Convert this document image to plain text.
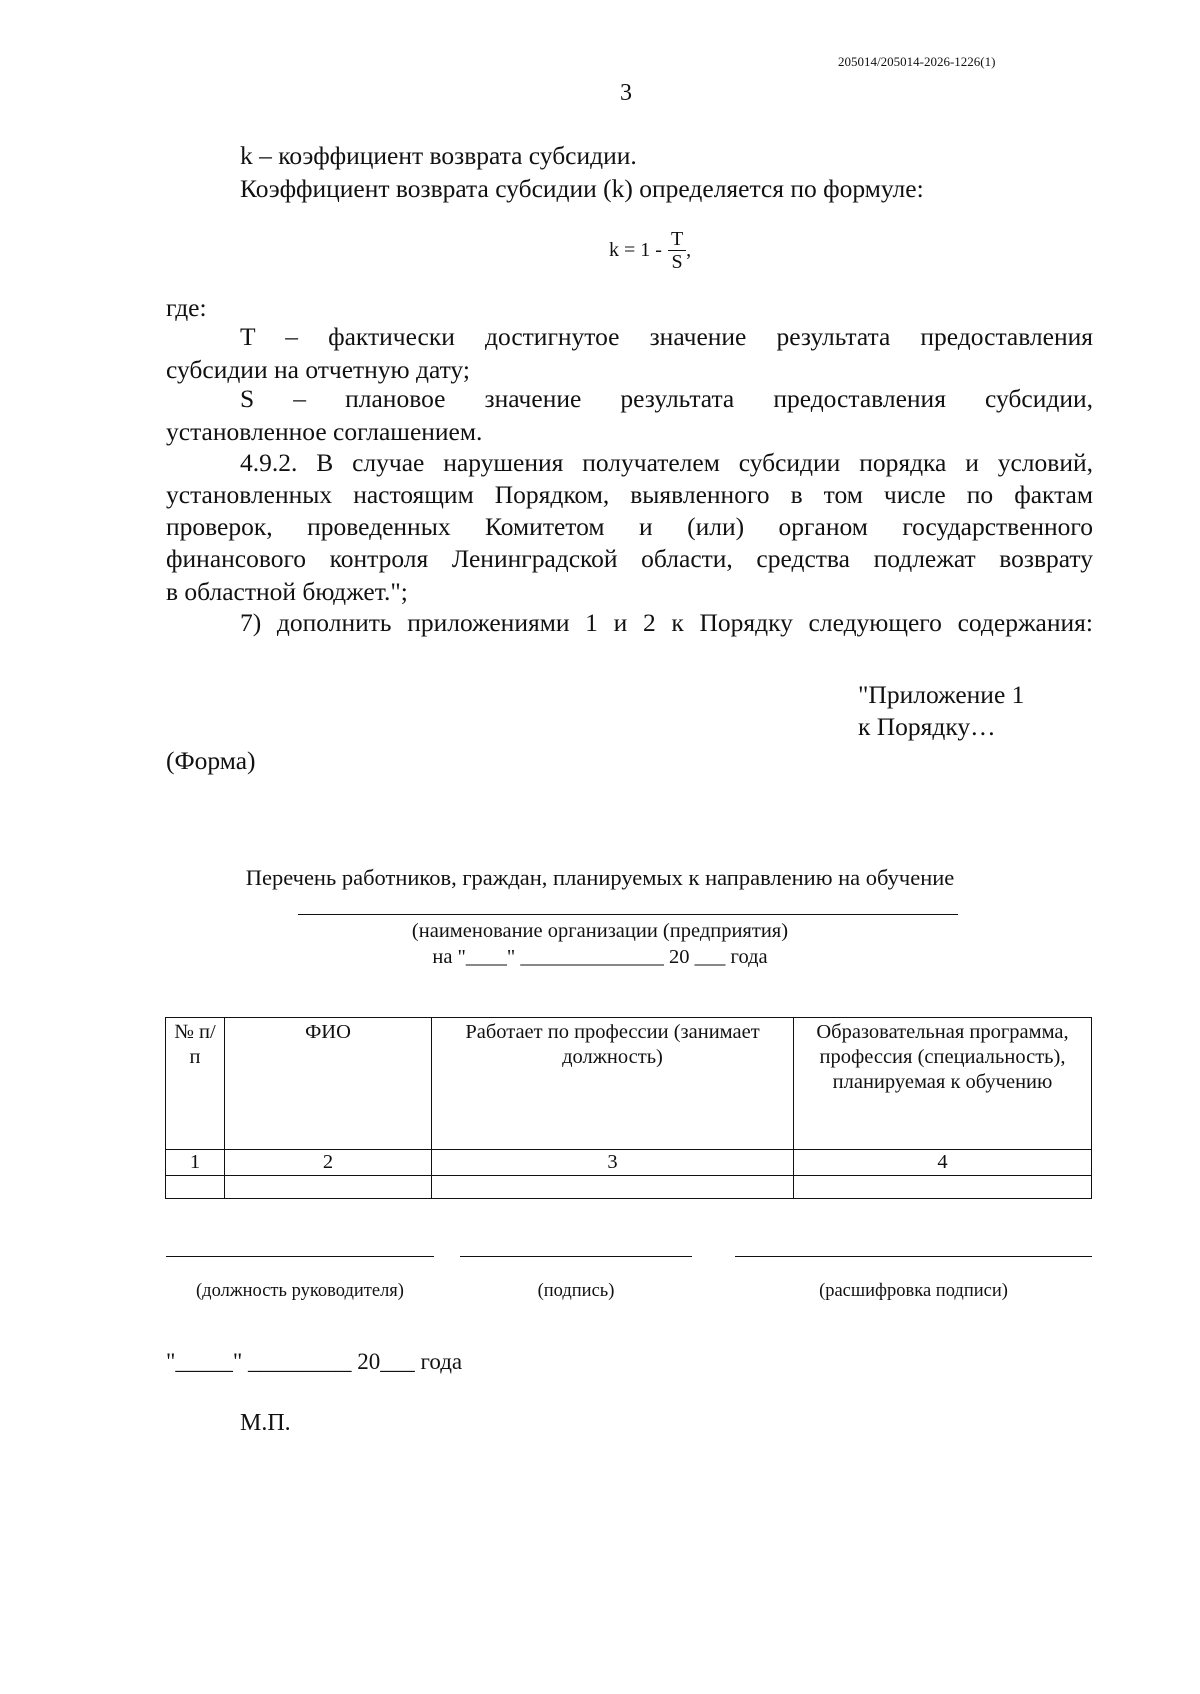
205014/205014-2026-1226(1)

3

k – коэффициент возврата субсидии.

Коэффициент возврата субсидии (k) определяется по формуле:

$k = 1 - \frac{T}{S}$ ,

где:

T – фактически достигнутое значение результата предоставления

субсидии на отчетную дату;

S – плановое значение результата предоставления субсидии,

установленное соглашением.

4.9.2. В случае нарушения получателем субсидии порядка и условий,

установленных настоящим Порядком, выявленного в том числе по фактам

проверок, проведенных Комитетом и (или) органом государственного

финансового контроля Ленинградской области, средства подлежат возврату

в областной бюджет.";

7) дополнить приложениями 1 и 2 к Порядку следующего содержания:

"Приложение 1

к Порядку…

(Форма)

Перечень работников, граждан, планируемых к направлению на обучение

(наименование организации (предприятия)

на "____" ______________ 20 ___ года

№ п/п	ФИО	Работает по профессии (занимает должность)	Образовательная программа, профессия (специальность), планируемая к обучению
1	2	3	4

(должность руководителя)	(подпись)	(расшифровка подписи)

"_____" _________ 20___ года

М.П.
